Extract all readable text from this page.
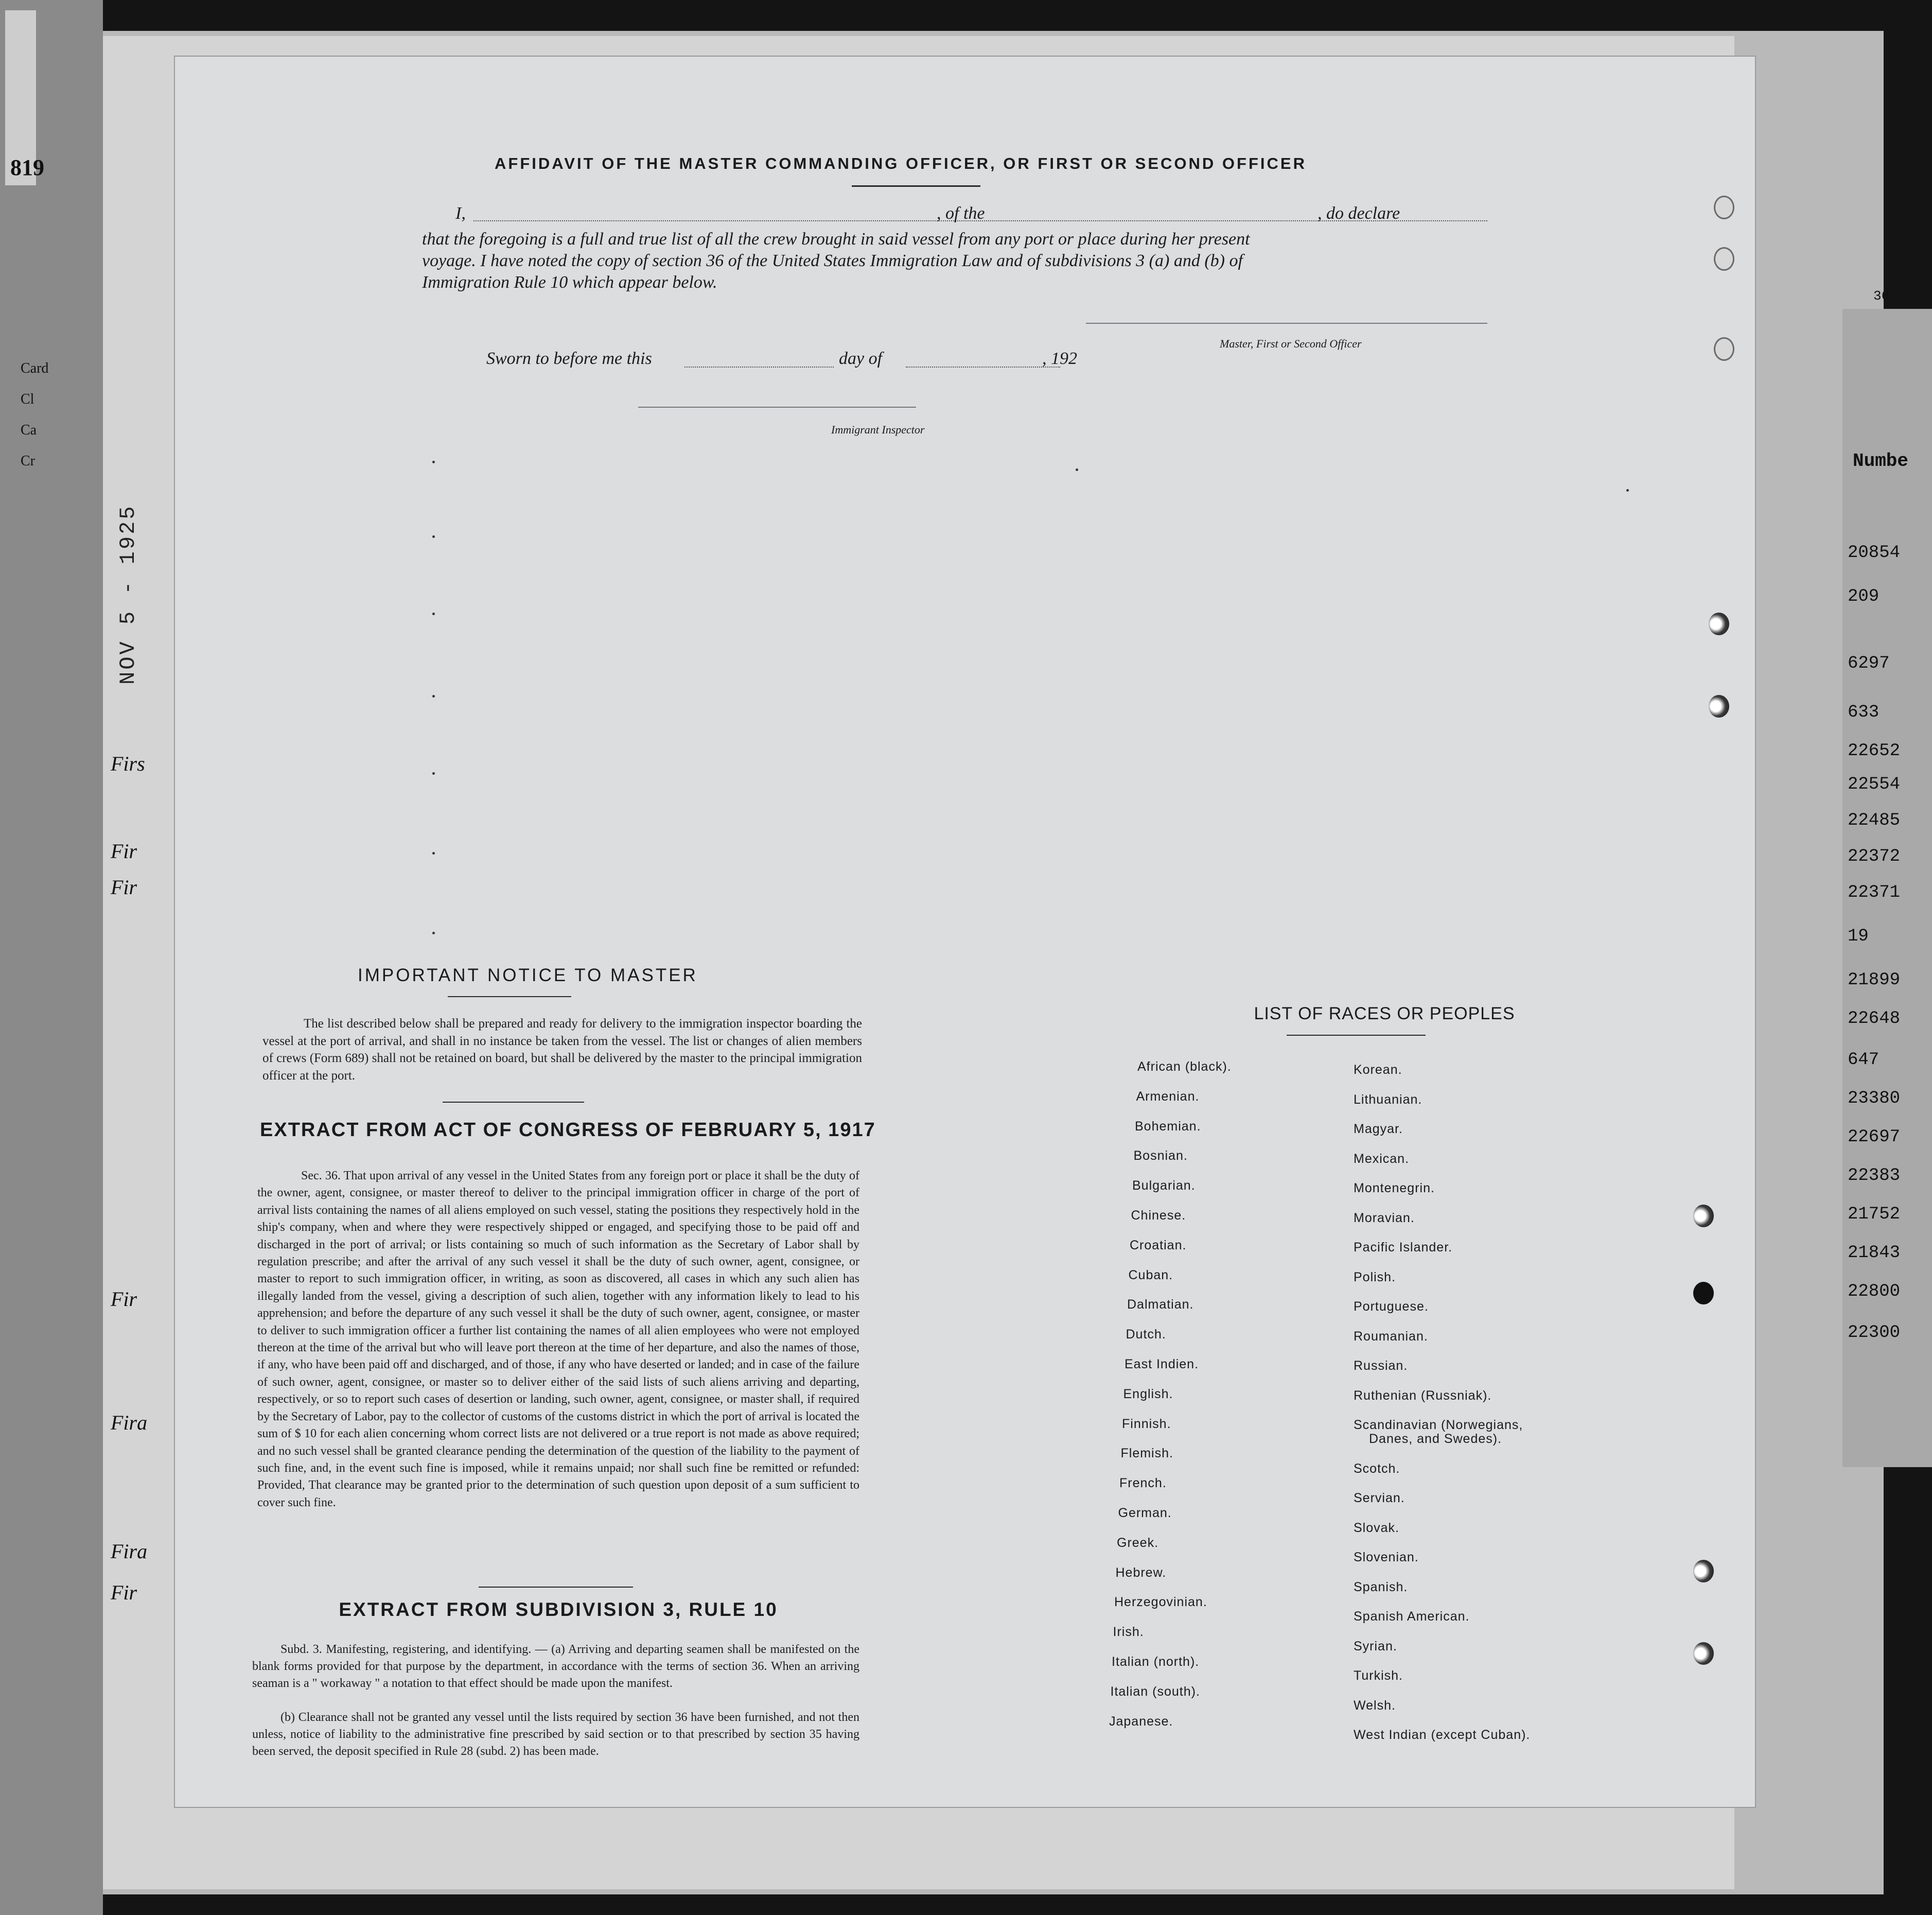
819
Card
Cl
Ca
Cr
Firs
Fir
Fir
Fir
Fira
Fira
Fir
NOV 5 - 1925
36
Numbe
20854
209
6297
633
22652
22554
22485
22372
22371
19
21899
22648
647
23380
22697
22383
21752
21843
22800
22300
AFFIDAVIT OF THE MASTER COMMANDING OFFICER, OR FIRST OR SECOND OFFICER
I,	, of the	, do declare
that the foregoing is a full and true list of all the crew brought in said vessel from any port or place during her present
voyage. I have noted the copy of section 36 of the United States Immigration Law and of subdivisions 3 (a) and (b) of
Immigration Rule 10 which appear below.
Master, First or Second Officer
Sworn to before me this	day of	, 192
Immigrant Inspector
IMPORTANT NOTICE TO MASTER
The list described below shall be prepared and ready for delivery to the immigration inspector boarding the vessel at the port of arrival, and shall in no instance be taken from the vessel. The list or changes of alien members of crews (Form 689) shall not be retained on board, but shall be delivered by the master to the principal immigration officer at the port.
EXTRACT FROM ACT OF CONGRESS OF FEBRUARY 5, 1917
Sec. 36. That upon arrival of any vessel in the United States from any foreign port or place it shall be the duty of the owner, agent, consignee, or master thereof to deliver to the principal immigration officer in charge of the port of arrival lists containing the names of all aliens employed on such vessel, stating the positions they respectively hold in the ship's company, when and where they were respectively shipped or engaged, and specifying those to be paid off and discharged in the port of arrival; or lists containing so much of such information as the Secretary of Labor shall by regulation prescribe; and after the arrival of any such vessel it shall be the duty of such owner, agent, consignee, or master to report to such immigration officer, in writing, as soon as discovered, all cases in which any such alien has illegally landed from the vessel, giving a description of such alien, together with any information likely to lead to his apprehension; and before the departure of any such vessel it shall be the duty of such owner, agent, consignee, or master to deliver to such immigration officer a further list containing the names of all alien employees who were not employed thereon at the time of the arrival but who will leave port thereon at the time of her departure, and also the names of those, if any, who have been paid off and discharged, and of those, if any who have deserted or landed; and in case of the failure of such owner, agent, consignee, or master so to deliver either of the said lists of such aliens arriving and departing, respectively, or so to report such cases of desertion or landing, such owner, agent, consignee, or master shall, if required by the Secretary of Labor, pay to the collector of customs of the customs district in which the port of arrival is located the sum of $ 10 for each alien concerning whom correct lists are not delivered or a true report is not made as above required; and no such vessel shall be granted clearance pending the determination of the question of the liability to the payment of such fine, and, in the event such fine is imposed, while it remains unpaid; nor shall such fine be remitted or refunded: Provided, That clearance may be granted prior to the determination of such question upon deposit of a sum sufficient to cover such fine.
EXTRACT FROM SUBDIVISION 3, RULE 10
Subd. 3. Manifesting, registering, and identifying. — (a) Arriving and departing seamen shall be manifested on the blank forms provided for that purpose by the department, in accordance with the terms of section 36. When an arriving seaman is a " workaway " a notation to that effect should be made upon the manifest.
(b) Clearance shall not be granted any vessel until the lists required by section 36 have been furnished, and not then unless, notice of liability to the administrative fine prescribed by said section or to that prescribed by section 35 having been served, the deposit specified in Rule 28 (subd. 2) has been made.
LIST OF RACES OR PEOPLES
African (black).
Armenian.
Bohemian.
Bosnian.
Bulgarian.
Chinese.
Croatian.
Cuban.
Dalmatian.
Dutch.
East Indien.
English.
Finnish.
Flemish.
French.
German.
Greek.
Hebrew.
Herzegovinian.
Irish.
Italian (north).
Italian (south).
Japanese.
Korean.
Lithuanian.
Magyar.
Mexican.
Montenegrin.
Moravian.
Pacific Islander.
Polish.
Portuguese.
Roumanian.
Russian.
Ruthenian (Russniak).
Scandinavian (Norwegians,
Danes, and Swedes).
Scotch.
Servian.
Slovak.
Slovenian.
Spanish.
Spanish American.
Syrian.
Turkish.
Welsh.
West Indian (except Cuban).
